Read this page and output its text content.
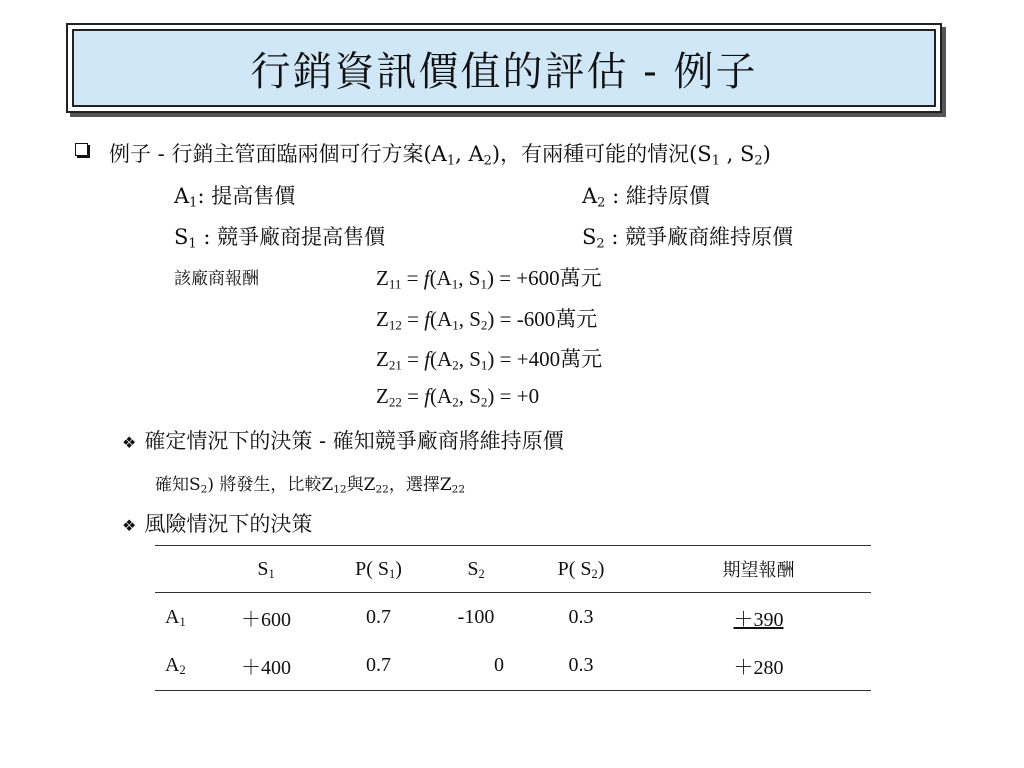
行銷資訊價值的評估 - 例子
例子 - 行銷主管面臨兩個可行方案($A_1$, $A_2$)，有兩種可能的情況($S_1$ , $S_2$)
$A_1$: 提高售價	$A_2$ : 維持原價
$S_1$ : 競爭廠商提高售價	$S_2$ : 競爭廠商維持原價
該廠商報酬	$Z_{11} = f(A_1$, $S_1) = +600$萬元
$Z_{12} = f(A_1$, $S_2) = -600$萬元
$Z_{21} = f(A_2$, $S_1) = +400$萬元
$Z_{22} = f(A_2$, $S_2) = +0$
❖ 確定情況下的決策 - 確知競爭廠商將維持原價
確知$S_2$) 將發生，比較$Z_{12}$與$Z_{22}$，選擇$Z_{22}$
❖ 風險情況下的決策
	$S_1$	P( $S_1$)	$S_2$	P( $S_2$)	期望報酬
$A_1$	＋600	0.7	-100	0.3	＋390
$A_2$	＋400	0.7	0	0.3	＋280
